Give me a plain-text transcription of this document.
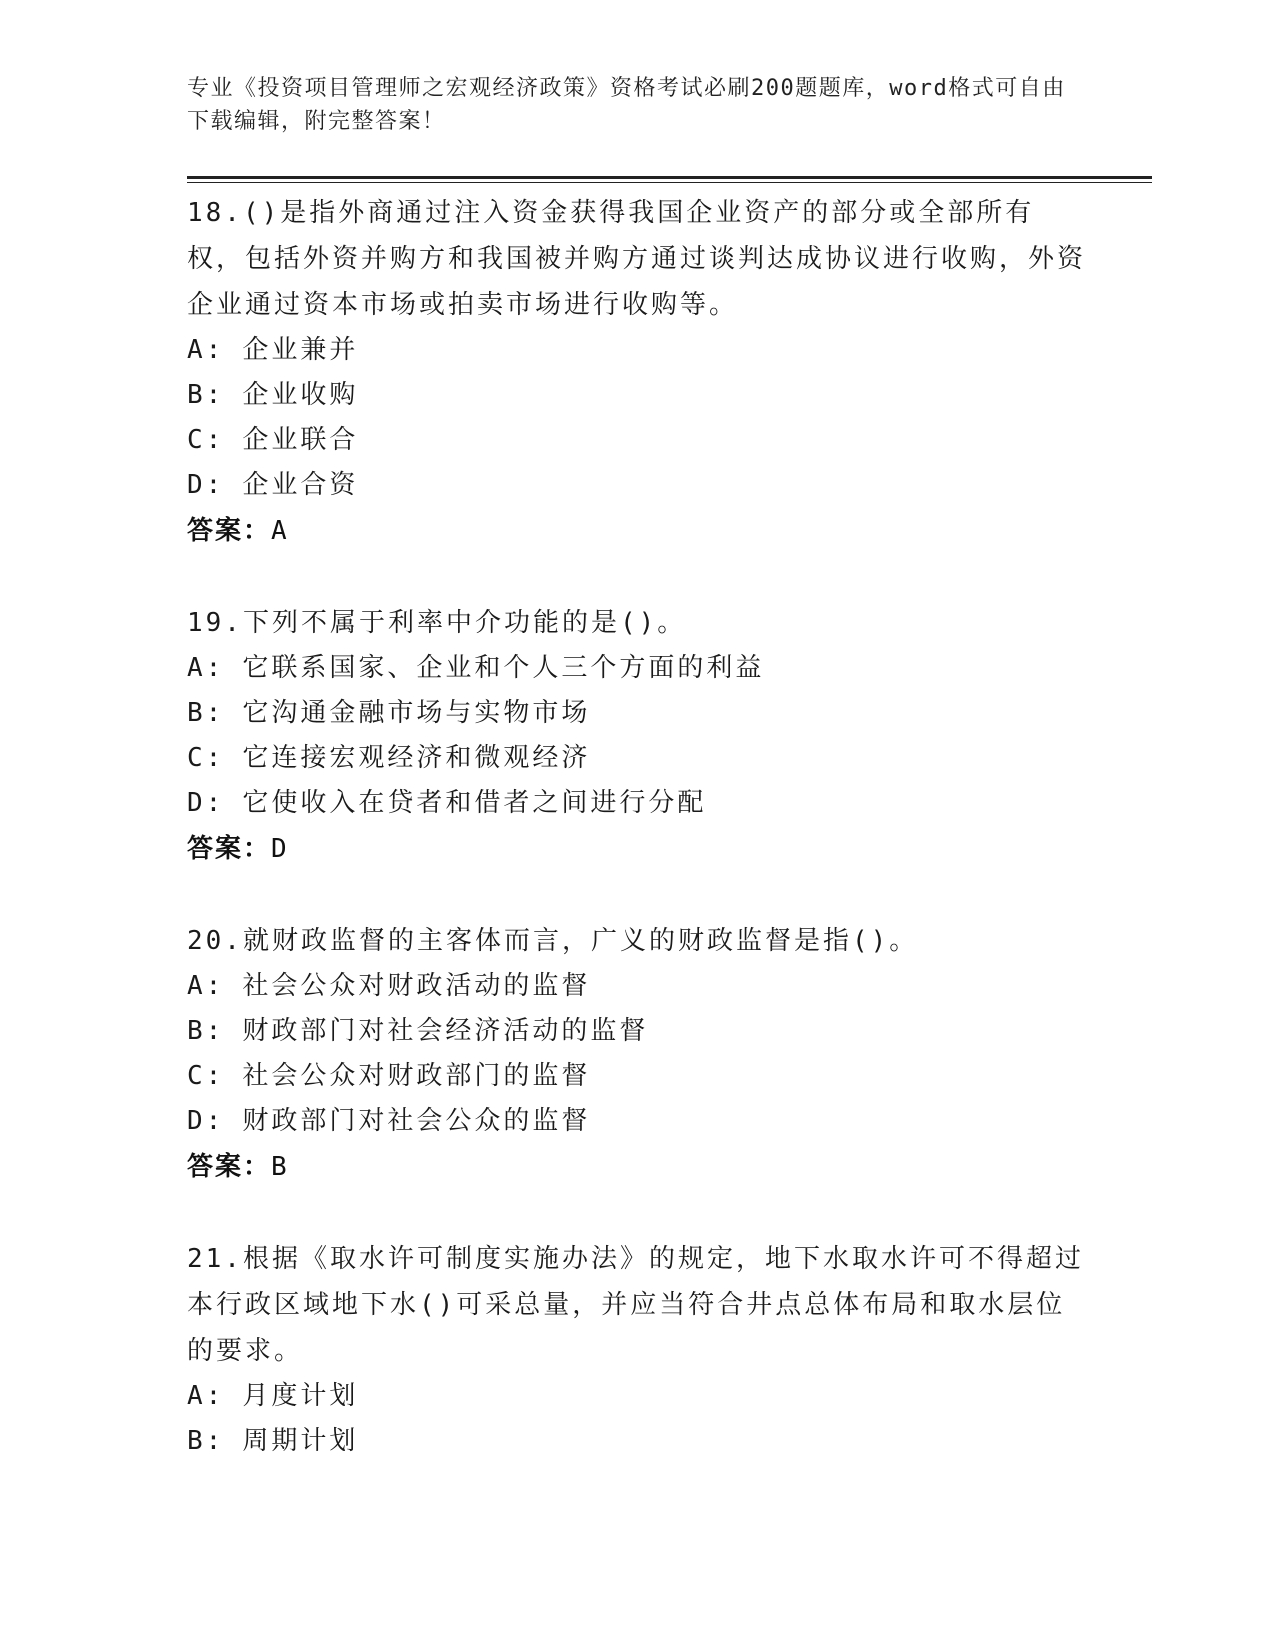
专业《投资项目管理师之宏观经济政策》资格考试必刷200题题库，word格式可自由下载编辑，附完整答案！
18.()是指外商通过注入资金获得我国企业资产的部分或全部所有权，包括外资并购方和我国被并购方通过谈判达成协议进行收购，外资企业通过资本市场或拍卖市场进行收购等。
A: 企业兼并
B: 企业收购
C: 企业联合
D: 企业合资
答案：A
19.下列不属于利率中介功能的是()。
A: 它联系国家、企业和个人三个方面的利益
B: 它沟通金融市场与实物市场
C: 它连接宏观经济和微观经济
D: 它使收入在贷者和借者之间进行分配
答案：D
20.就财政监督的主客体而言，广义的财政监督是指()。
A: 社会公众对财政活动的监督
B: 财政部门对社会经济活动的监督
C: 社会公众对财政部门的监督
D: 财政部门对社会公众的监督
答案：B
21.根据《取水许可制度实施办法》的规定，地下水取水许可不得超过本行政区域地下水()可采总量，并应当符合井点总体布局和取水层位的要求。
A: 月度计划
B: 周期计划
